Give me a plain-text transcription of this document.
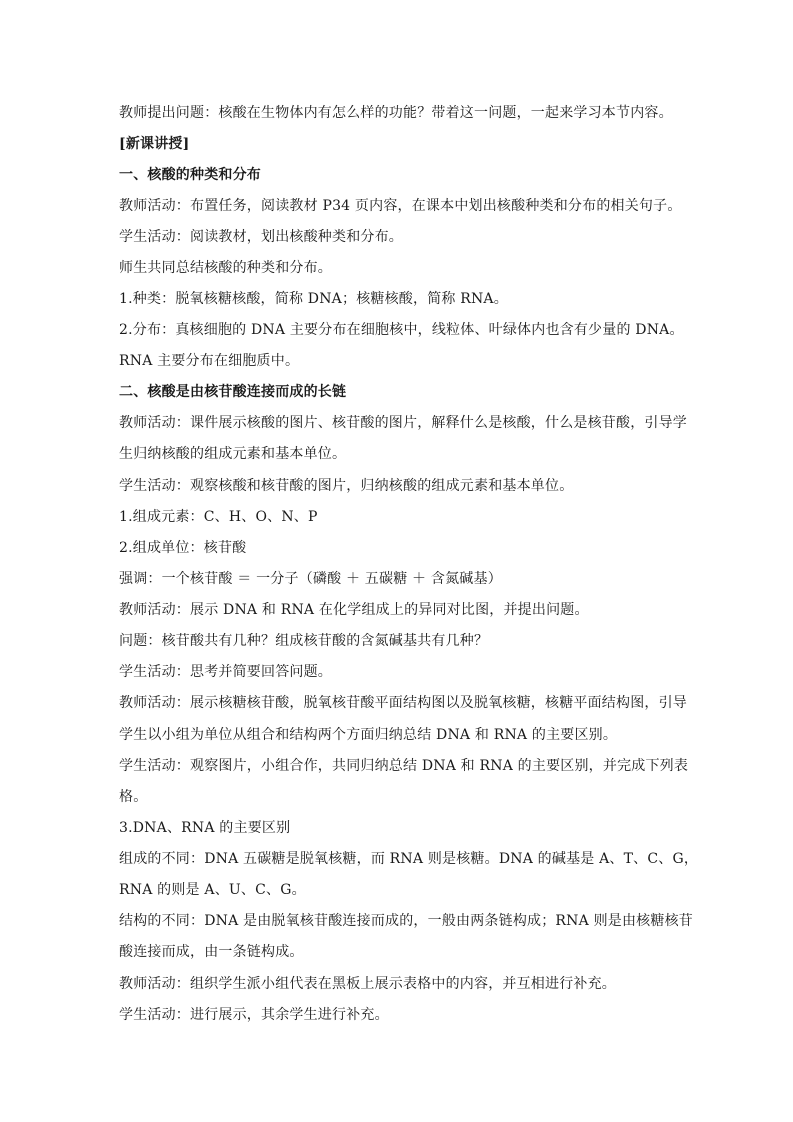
教师提出问题：核酸在生物体内有怎么样的功能？带着这一问题，一起来学习本节内容。
[新课讲授]
一、核酸的种类和分布
教师活动：布置任务，阅读教材 P34 页内容，在课本中划出核酸种类和分布的相关句子。
学生活动：阅读教材，划出核酸种类和分布。
师生共同总结核酸的种类和分布。
1.种类：脱氧核糖核酸，简称 DNA；核糖核酸，简称 RNA。
2.分布：真核细胞的 DNA 主要分布在细胞核中，线粒体、叶绿体内也含有少量的 DNA。
RNA 主要分布在细胞质中。
二、核酸是由核苷酸连接而成的长链
教师活动：课件展示核酸的图片、核苷酸的图片，解释什么是核酸，什么是核苷酸，引导学
生归纳核酸的组成元素和基本单位。
学生活动：观察核酸和核苷酸的图片，归纳核酸的组成元素和基本单位。
1.组成元素：C、H、O、N、P
2.组成单位：核苷酸
强调：一个核苷酸 ＝ 一分子（磷酸 ＋ 五碳糖 ＋ 含氮碱基）
教师活动：展示 DNA 和 RNA 在化学组成上的异同对比图，并提出问题。
问题：核苷酸共有几种？组成核苷酸的含氮碱基共有几种？
学生活动：思考并简要回答问题。
教师活动：展示核糖核苷酸，脱氧核苷酸平面结构图以及脱氧核糖，核糖平面结构图，引导
学生以小组为单位从组合和结构两个方面归纳总结 DNA 和 RNA 的主要区别。
学生活动：观察图片，小组合作，共同归纳总结 DNA 和 RNA 的主要区别，并完成下列表
格。
3.DNA、RNA 的主要区别
组成的不同：DNA 五碳糖是脱氧核糖，而 RNA 则是核糖。DNA 的碱基是 A、T、C、G，
RNA 的则是 A、U、C、G。
结构的不同：DNA 是由脱氧核苷酸连接而成的，一般由两条链构成；RNA 则是由核糖核苷
酸连接而成，由一条链构成。
教师活动：组织学生派小组代表在黑板上展示表格中的内容，并互相进行补充。
学生活动：进行展示，其余学生进行补充。
